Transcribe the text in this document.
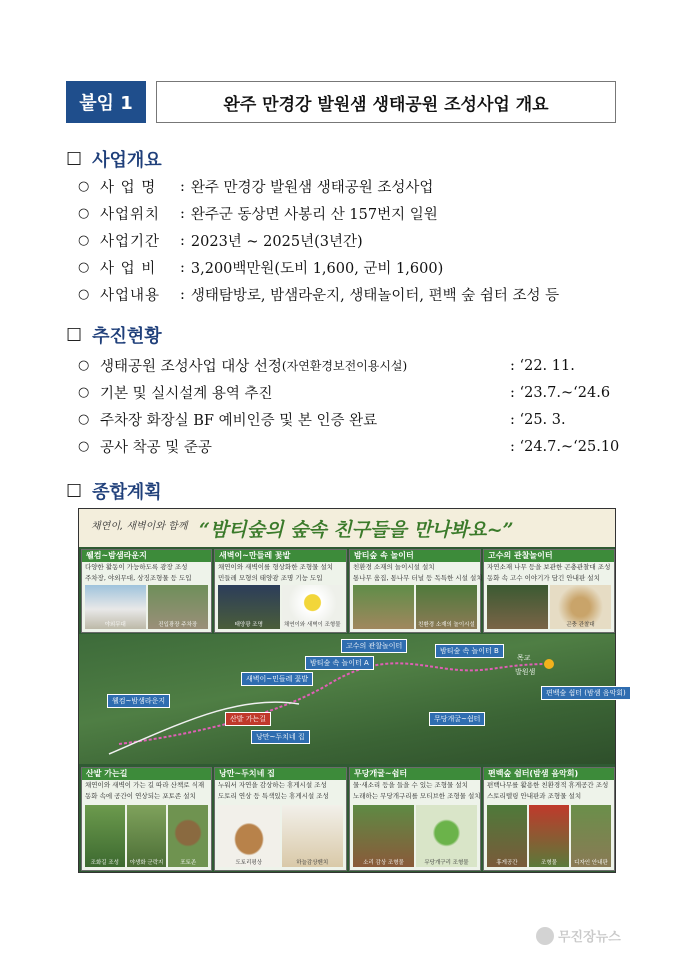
붙임 1	완주 만경강 발원샘 생태공원 조성사업 개요
☐ 사업개요
○ 사 업 명	: 완주 만경강 발원샘 생태공원 조성사업
○ 사업위치	: 완주군 동상면 사봉리 산 157번지 일원
○ 사업기간	: 2023년 ~ 2025년(3년간)
○ 사 업 비	: 3,200백만원(도비 1,600, 군비 1,600)
○ 사업내용	: 생태탐방로, 밤샘라운지, 생태놀이터, 편백 숲 쉼터 조성 등
☐ 추진현황
○ 생태공원 조성사업 대상 선정 (자연환경보전이용시설)	: ‘22. 11.
○ 기본 및 실시설계 용역 추진	: ‘23.7.~‘24.6
○ 주차장 화장실 BF 예비인증 및 본 인증 완료	: ‘25. 3.
○ 공사 착공 및 준공	: ‘24.7.~‘25.10
☐ 종합계획
채연이, 새벽이와 함께 “밤티숲의 숲속 친구들을 만나봐요~”
웰컴~밤샘라운지
다양한 활동이 가능하도록 광장 조성
주차장, 야외무대, 상징조형물 등 도입
야외무대	진입광장 주차장
새벽이~만들레 꽃밭
채연이와 새벽이를 형상화한 조형물 설치
민들레 모형의 태양광 조명 기능 도입
태양광 조명	채연이와 새벽이 조형물
밤티숲 속 놀이터
친환경 소재의 놀이시설 설치
통나무 움집, 통나무 터널 등 독특한 시설 설치
친환경 소재의 놀이시설
고수의 관찰놀이터
자연소재 나무 등을 보관한 곤충관찰대 조성
동화 속 고수 이야기가 담긴 안내판 설치
곤충 관찰대
웰컴~밤샘라운지
새벽이~민들레 꽃밭
밤티숲 속 놀이터 A
고수의 관찰놀이터
밤티숲 속 놀이터 B
산밭 가는길
낭만~두치네 집
무당개굴~쉼터
편백숲 쉼터 (밤샘 음악회)
목교
발원샘
산밭 가는길
채연이와 새벽이 가는 길 따라 산책로 식재
동화 속에 공간이 연상되는 포토존 설치
조화길 조성	야생화 군락지	포토존
낭만~두치네 집
누워서 자연을 감상하는 휴게시설 조성
도토리 연상 등 특색있는 휴게시설 조성
도토리평상	하늘감상벤치
무당개굴~쉼터
물·새소리 등을 들을 수 있는 조형물 설치
노래하는 무당개구리를 모티브한 조형물 설치
소리 감상 조형물	무당개구리 조형물
편백숲 쉼터(밤샘 음악회)
편백나무를 활용한 친환경적 휴게공간 조성
스토리텔링 안내판과 조형물 설치
휴게공간	조형물	디자인 안내판
무진장뉴스
